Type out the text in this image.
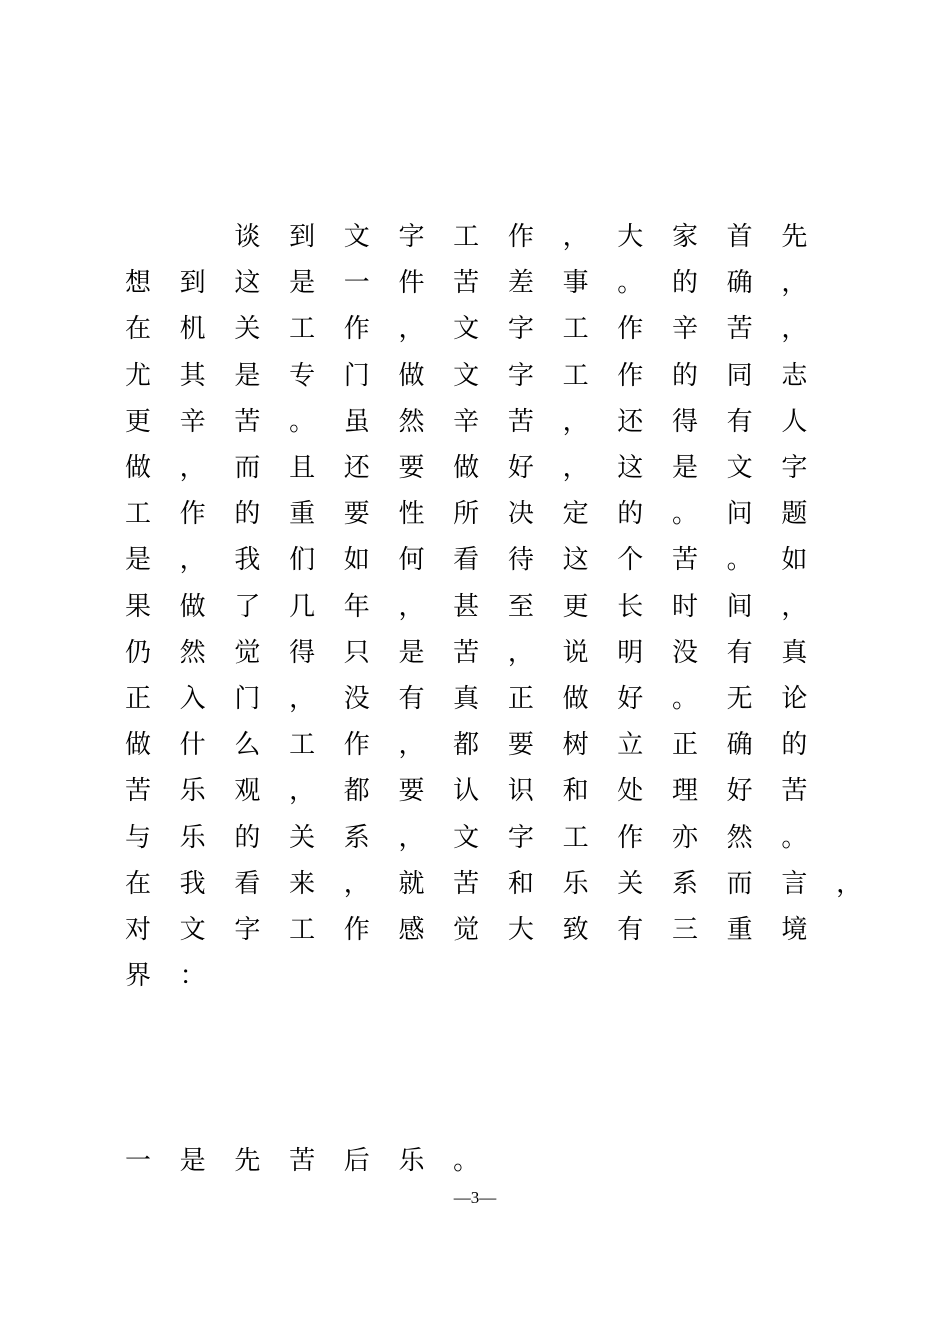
谈 到 文 字 工 作 ， 大 家 首 先
想 到 这 是 一 件 苦 差 事 。 的 确 ，
在 机 关 工 作 ， 文 字 工 作 辛 苦 ，
尤 其 是 专 门 做 文 字 工 作 的 同 志
更 辛 苦 。 虽 然 辛 苦 ， 还 得 有 人
做 ， 而 且 还 要 做 好 ， 这 是 文 字
工 作 的 重 要 性 所 决 定 的 。 问 题
是 ， 我 们 如 何 看 待 这 个 苦 。 如
果 做 了 几 年 ， 甚 至 更 长 时 间 ，
仍 然 觉 得 只 是 苦 ， 说 明 没 有 真
正 入 门 ， 没 有 真 正 做 好 。 无 论
做 什 么 工 作 ， 都 要 树 立 正 确 的
苦 乐 观 ， 都 要 认 识 和 处 理 好 苦
与 乐 的 关 系 ， 文 字 工 作 亦 然 。
在 我 看 来 ， 就 苦 和 乐 关 系 而 言 ，
对 文 字 工 作 感 觉 大 致 有 三 重 境
界 ：
一 是 先 苦 后 乐 。
—3—
